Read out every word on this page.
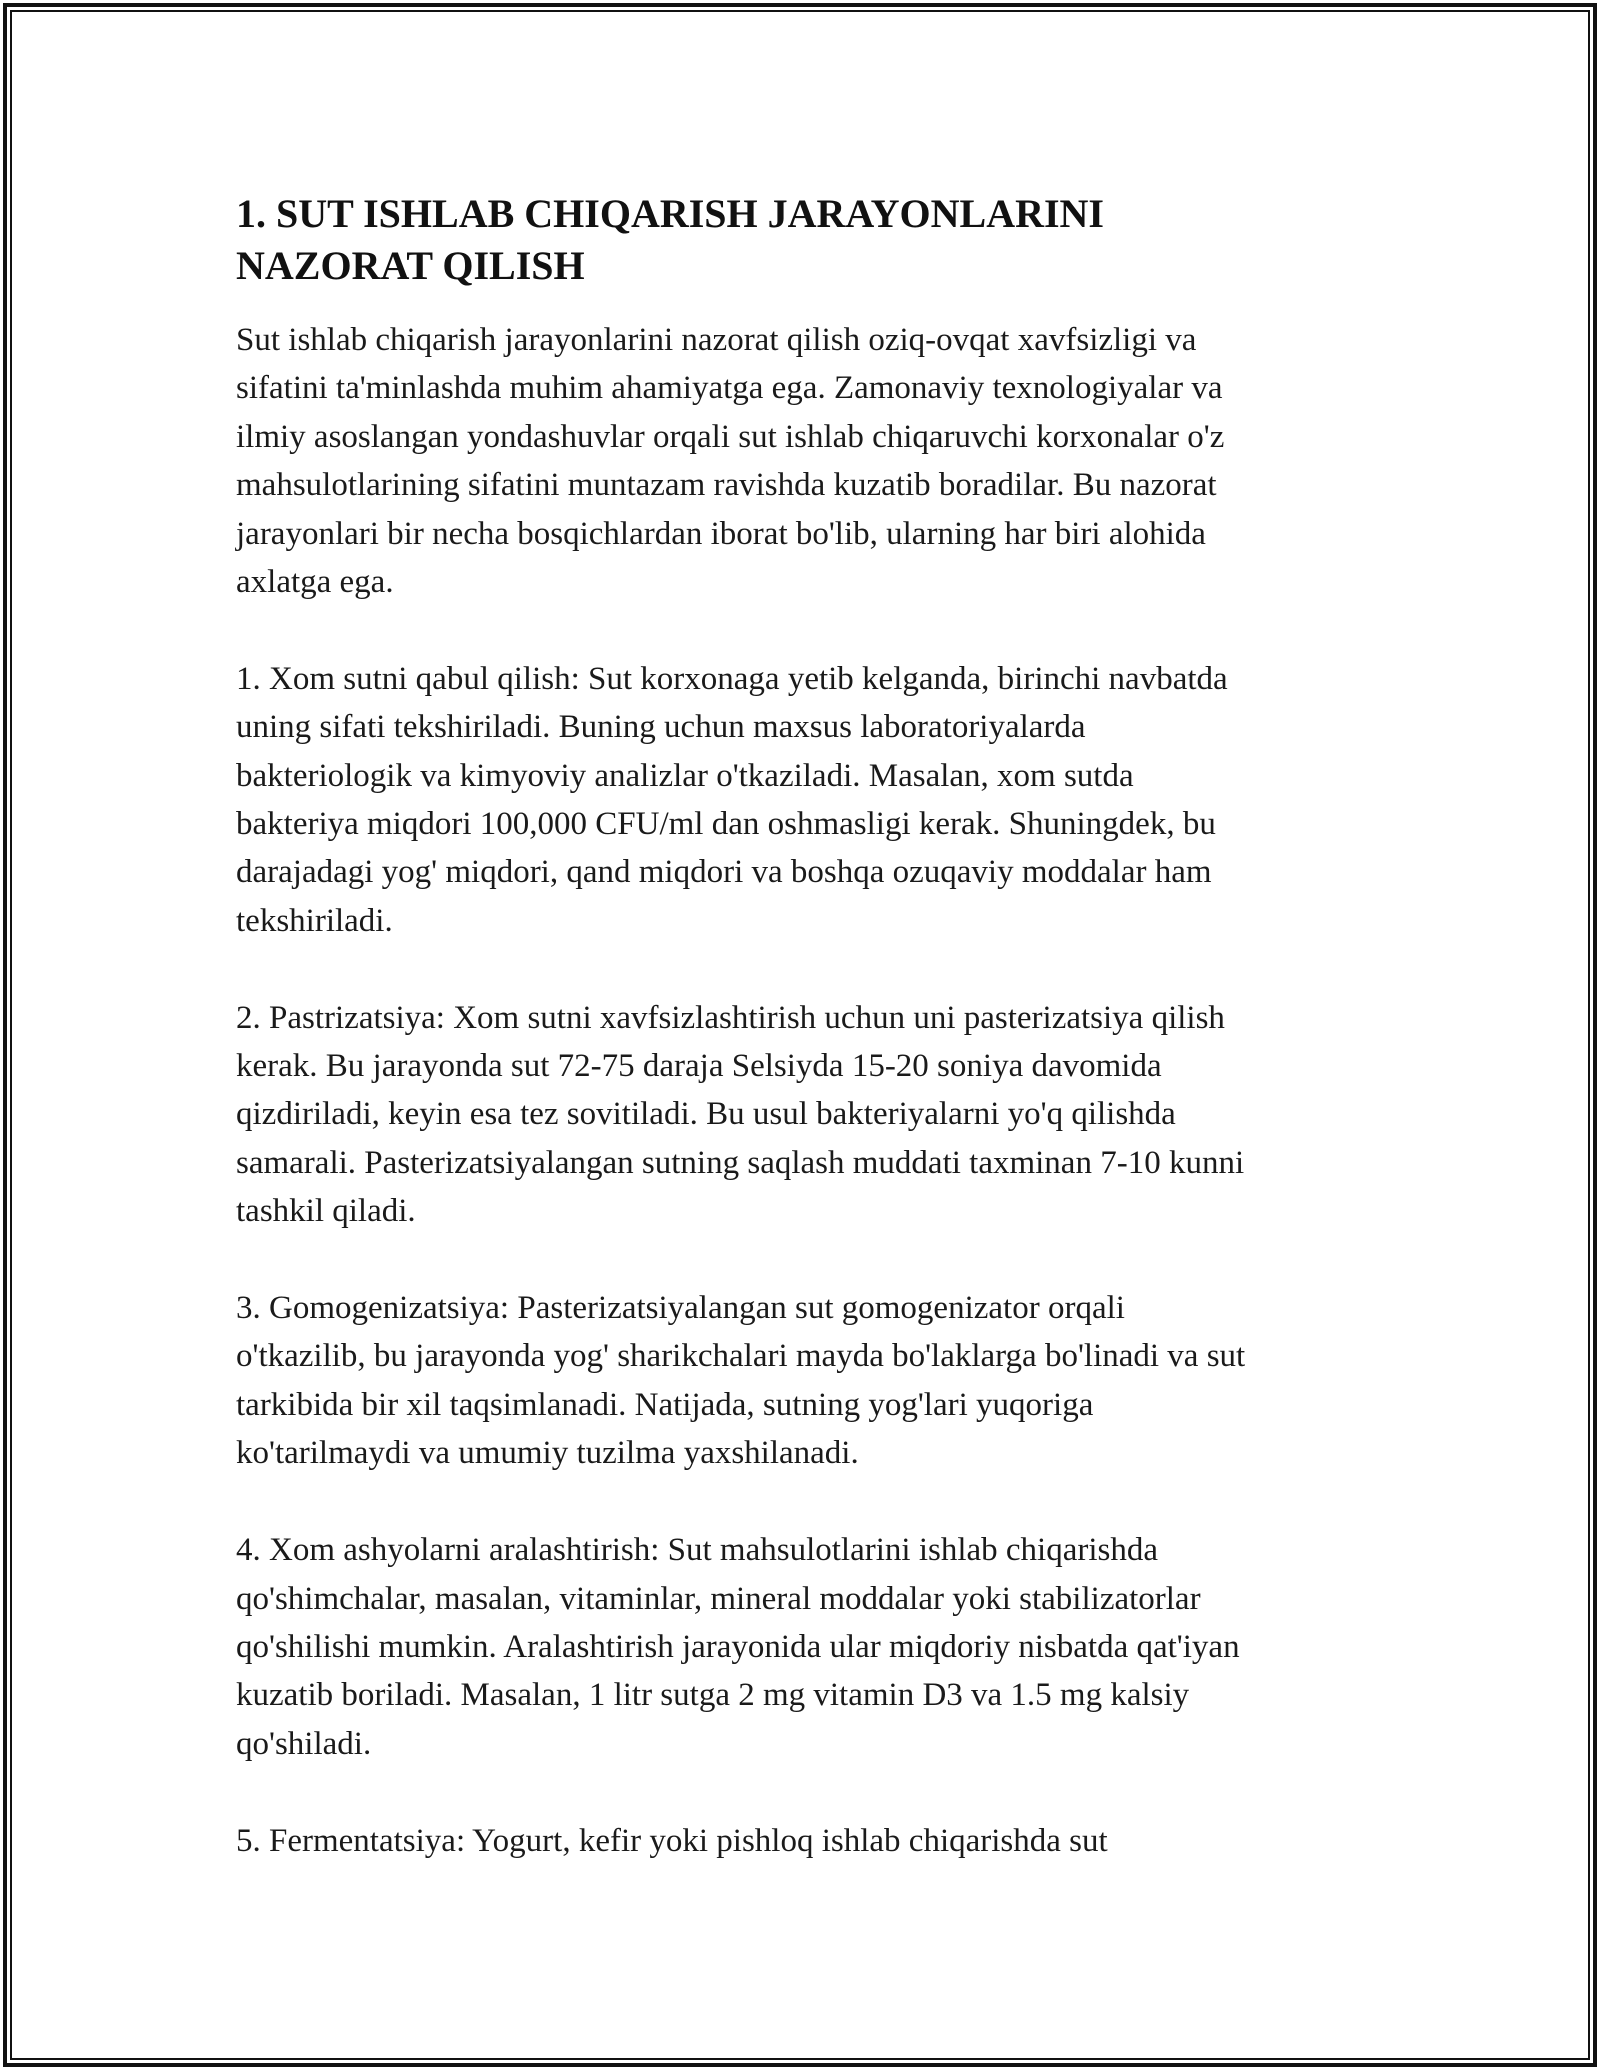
1. SUT ISHLAB CHIQARISH JARAYONLARINI
NAZORAT QILISH

Sut ishlab chiqarish jarayonlarini nazorat qilish oziq-ovqat xavfsizligi va
sifatini ta'minlashda muhim ahamiyatga ega. Zamonaviy texnologiyalar va
ilmiy asoslangan yondashuvlar orqali sut ishlab chiqaruvchi korxonalar o'z
mahsulotlarining sifatini muntazam ravishda kuzatib boradilar. Bu nazorat
jarayonlari bir necha bosqichlardan iborat bo'lib, ularning har biri alohida
axlatga ega.

1. Xom sutni qabul qilish: Sut korxonaga yetib kelganda, birinchi navbatda
uning sifati tekshiriladi. Buning uchun maxsus laboratoriyalarda
bakteriologik va kimyoviy analizlar o'tkaziladi. Masalan, xom sutda
bakteriya miqdori 100,000 CFU/ml dan oshmasligi kerak. Shuningdek, bu
darajadagi yog' miqdori, qand miqdori va boshqa ozuqaviy moddalar ham
tekshiriladi.

2. Pastrizatsiya: Xom sutni xavfsizlashtirish uchun uni pasterizatsiya qilish
kerak. Bu jarayonda sut 72-75 daraja Selsiyda 15-20 soniya davomida
qizdiriladi, keyin esa tez sovitiladi. Bu usul bakteriyalarni yo'q qilishda
samarali. Pasterizatsiyalangan sutning saqlash muddati taxminan 7-10 kunni
tashkil qiladi.

3. Gomogenizatsiya: Pasterizatsiyalangan sut gomogenizator orqali
o'tkazilib, bu jarayonda yog' sharikchalari mayda bo'laklarga bo'linadi va sut
tarkibida bir xil taqsimlanadi. Natijada, sutning yog'lari yuqoriga
ko'tarilmaydi va umumiy tuzilma yaxshilanadi.

4. Xom ashyolarni aralashtirish: Sut mahsulotlarini ishlab chiqarishda
qo'shimchalar, masalan, vitaminlar, mineral moddalar yoki stabilizatorlar
qo'shilishi mumkin. Aralashtirish jarayonida ular miqdoriy nisbatda qat'iyan
kuzatib boriladi. Masalan, 1 litr sutga 2 mg vitamin D3 va 1.5 mg kalsiy
qo'shiladi.

5. Fermentatsiya: Yogurt, kefir yoki pishloq ishlab chiqarishda sut
